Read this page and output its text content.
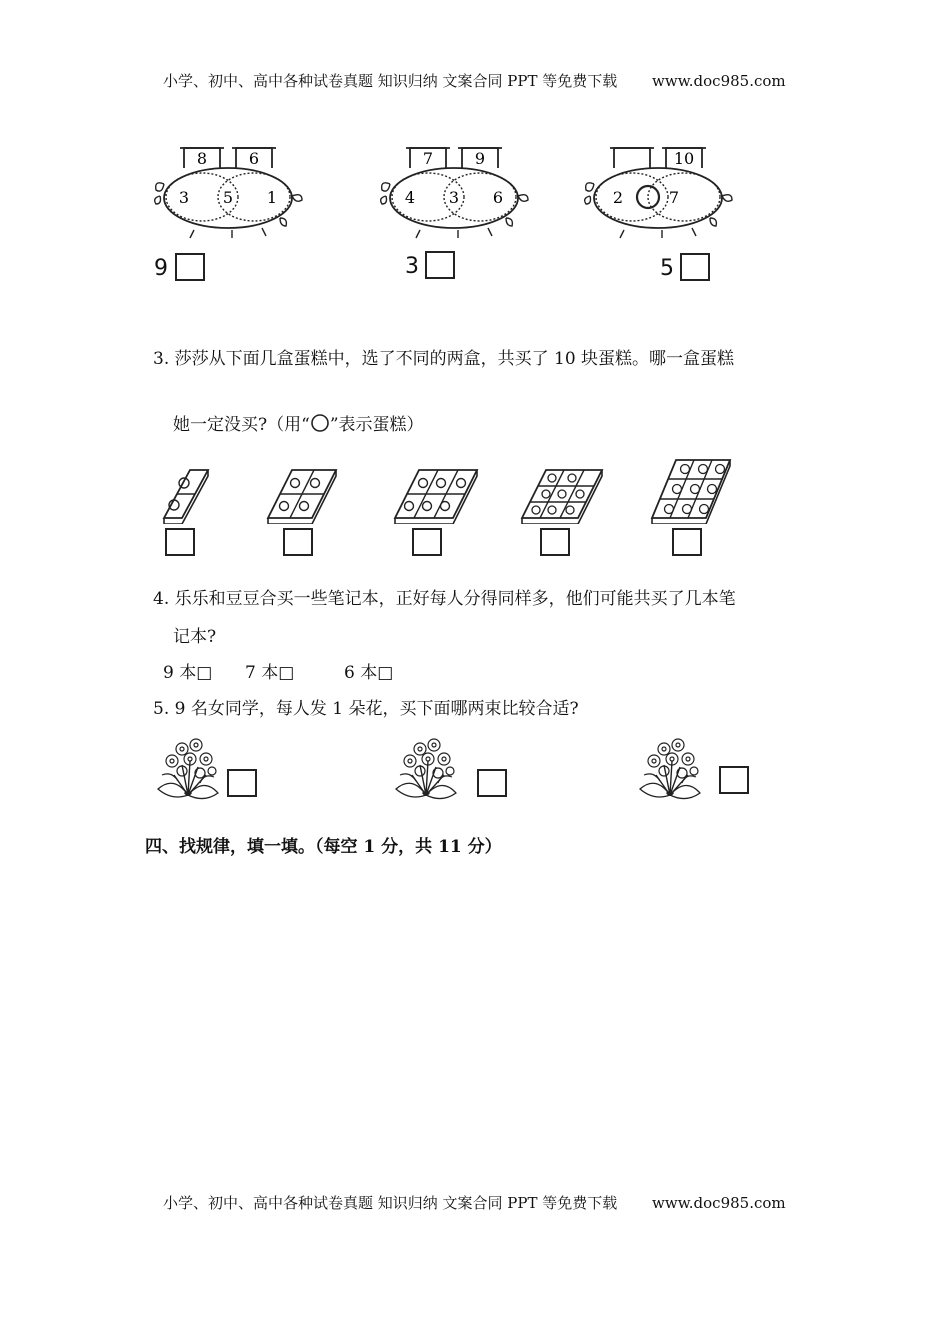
小学、初中、高中各种试卷真题 知识归纳 文案合同 PPT 等免费下载 www.doc985.com
8	6
3 5 1
7	9
4 3 6
10
2	7
9	3	5
3. 莎莎从下面几盒蛋糕中，选了不同的两盒，共买了 10 块蛋糕。哪一盒蛋糕
她一定没买?（用“ ”表示蛋糕）
4. 乐乐和豆豆合买一些笔记本，正好每人分得同样多，他们可能共买了几本笔
记本?
9 本□ 7 本□	6 本□
5. 9 名女同学，每人发 1 朵花，买下面哪两束比较合适?
四、找规律，填一填。（每空 1 分，共 11 分）
小学、初中、高中各种试卷真题 知识归纳 文案合同 PPT 等免费下载 www.doc985.com
